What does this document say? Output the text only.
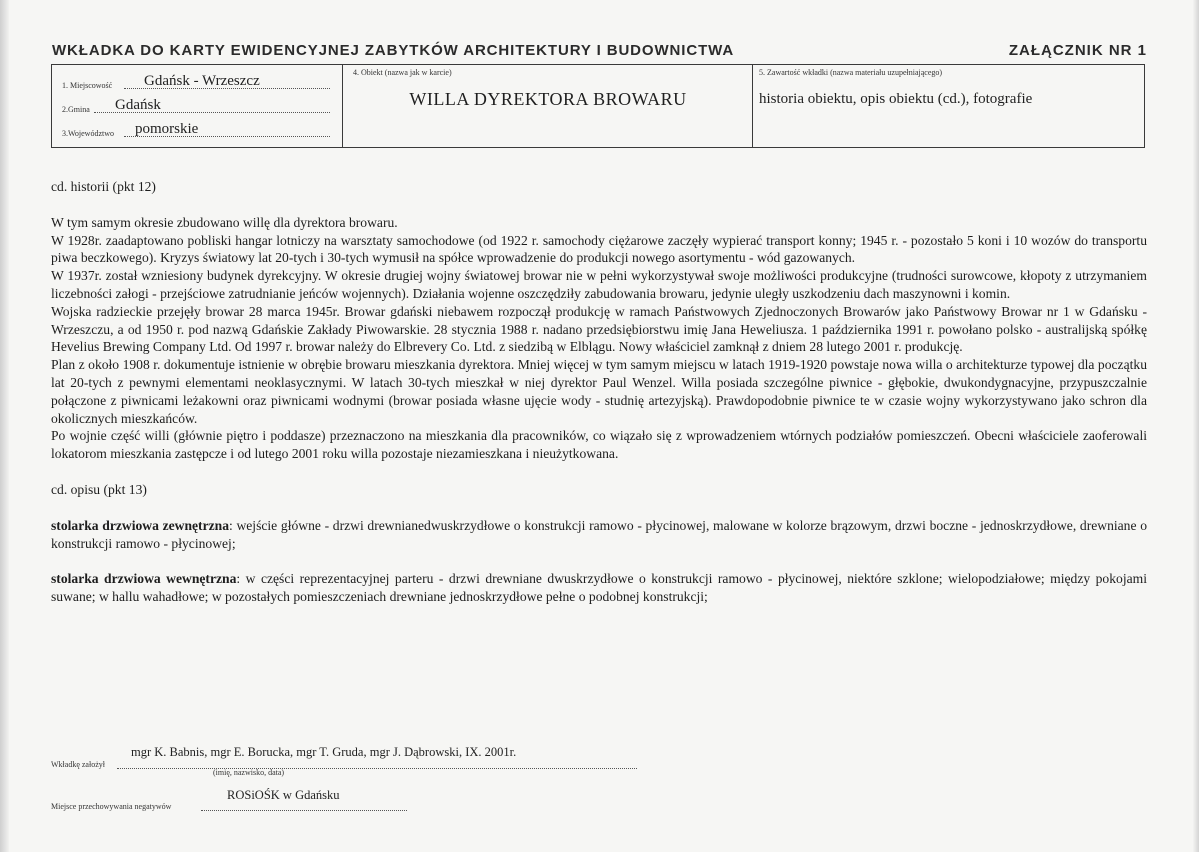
WKŁADKA DO KARTY EWIDENCYJNEJ ZABYTKÓW ARCHITEKTURY I BUDOWNICTWA	ZAŁĄCZNIK NR 1
1. Miejscowość Gdańsk - Wrzeszcz
2.Gmina Gdańsk
3.Województwo pomorskie
4. Obiekt (nazwa jak w karcie)
WILLA DYREKTORA BROWARU
5. Zawartość wkładki (nazwa materiału uzupełniającego)
historia obiektu, opis obiektu (cd.), fotografie

cd. historii (pkt 12)

W tym samym okresie zbudowano willę dla dyrektora browaru.

W 1928r. zaadaptowano pobliski hangar lotniczy na warsztaty samochodowe (od 1922 r. samochody ciężarowe zaczęły wypierać transport konny; 1945 r. - pozostało 5 koni i 10 wozów do transportu piwa beczkowego). Kryzys światowy lat 20-tych i 30-tych wymusił na spółce wprowadzenie do produkcji nowego asortymentu - wód gazowanych.

W 1937r. został wzniesiony budynek dyrekcyjny. W okresie drugiej wojny światowej browar nie w pełni wykorzystywał swoje możliwości produkcyjne (trudności surowcowe, kłopoty z utrzymaniem liczebności załogi - przejściowe zatrudnianie jeńców wojennych). Działania wojenne oszczędziły zabudowania browaru, jedynie uległy uszkodzeniu dach maszynowni i komin.

Wojska radzieckie przejęły browar 28 marca 1945r. Browar gdański niebawem rozpoczął produkcję w ramach Państwowych Zjednoczonych Browarów jako Państwowy Browar nr 1 w Gdańsku - Wrzeszczu, a od 1950 r. pod nazwą Gdańskie Zakłady Piwowarskie. 28 stycznia 1988 r. nadano przedsiębiorstwu imię Jana Heweliusza. 1 października 1991 r. powołano polsko - australijską spółkę Hevelius Brewing Company Ltd. Od 1997 r. browar należy do Elbrevery Co. Ltd. z siedzibą w Elblągu. Nowy właściciel zamknął z dniem 28 lutego 2001 r. produkcję.

Plan z około 1908 r. dokumentuje istnienie w obrębie browaru mieszkania dyrektora. Mniej więcej w tym samym miejscu w latach 1919-1920 powstaje nowa willa o architekturze typowej dla początku lat 20-tych z pewnymi elementami neoklasycznymi. W latach 30-tych mieszkał w niej dyrektor Paul Wenzel. Willa posiada szczególne piwnice - głębokie, dwukondygnacyjne, przypuszczalnie połączone z piwnicami leżakowni oraz piwnicami wodnymi (browar posiada własne ujęcie wody - studnię artezyjską). Prawdopodobnie piwnice te w czasie wojny wykorzystywano jako schron dla okolicznych mieszkańców.

Po wojnie część willi (głównie piętro i poddasze) przeznaczono na mieszkania dla pracowników, co wiązało się z wprowadzeniem wtórnych podziałów pomieszczeń. Obecni właściciele zaoferowali lokatorom mieszkania zastępcze i od lutego 2001 roku willa pozostaje niezamieszkana i nieużytkowana.

cd. opisu (pkt 13)

stolarka drzwiowa zewnętrzna: wejście główne - drzwi drewnianedwuskrzydłowe o konstrukcji ramowo - płycinowej, malowane w kolorze brązowym, drzwi boczne - jednoskrzydłowe, drewniane o konstrukcji ramowo - płycinowej;

stolarka drzwiowa wewnętrzna: w części reprezentacyjnej parteru - drzwi drewniane dwuskrzydłowe o konstrukcji ramowo - płycinowej, niektóre szklone; wielopodziałowe; między pokojami suwane; w hallu wahadłowe; w pozostałych pomieszczeniach drewniane jednoskrzydłowe pełne o podobnej konstrukcji;

Wkładkę założył
mgr K. Babnis, mgr E. Borucka, mgr T. Gruda, mgr J. Dąbrowski, IX. 2001r.
(imię, nazwisko, data)
Miejsce przechowywania negatywów
ROSiOŚK w Gdańsku
